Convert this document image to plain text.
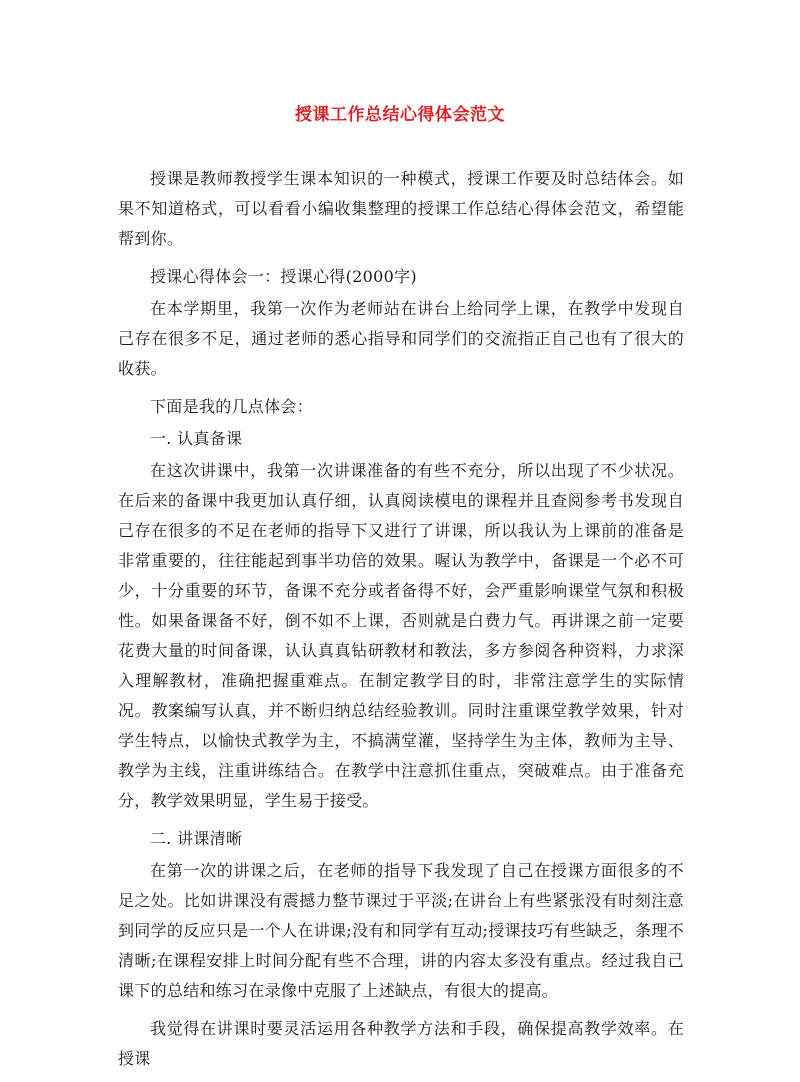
授课工作总结心得体会范文

授课是教师教授学生课本知识的一种模式，授课工作要及时总结体会。如果不知道格式，可以看看小编收集整理的授课工作总结心得体会范文，希望能帮到你。

授课心得体会一：授课心得(2000字)

在本学期里，我第一次作为老师站在讲台上给同学上课，在教学中发现自己存在很多不足，通过老师的悉心指导和同学们的交流指正自己也有了很大的收获。

下面是我的几点体会：

一. 认真备课

在这次讲课中，我第一次讲课准备的有些不充分，所以出现了不少状况。在后来的备课中我更加认真仔细，认真阅读模电的课程并且查阅参考书发现自己存在很多的不足在老师的指导下又进行了讲课，所以我认为上课前的准备是非常重要的，往往能起到事半功倍的效果。喔认为教学中，备课是一个必不可少，十分重要的环节，备课不充分或者备得不好，会严重影响课堂气氛和积极性。如果备课备不好，倒不如不上课，否则就是白费力气。再讲课之前一定要花费大量的时间备课，认认真真钻研教材和教法，多方参阅各种资料，力求深入理解教材，准确把握重难点。在制定教学目的时，非常注意学生的实际情况。教案编写认真，并不断归纳总结经验教训。同时注重课堂教学效果，针对学生特点，以愉快式教学为主，不搞满堂灌，坚持学生为主体，教师为主导、教学为主线，注重讲练结合。在教学中注意抓住重点，突破难点。由于准备充分，教学效果明显，学生易于接受。

二. 讲课清晰

在第一次的讲课之后，在老师的指导下我发现了自己在授课方面很多的不足之处。比如讲课没有震撼力整节课过于平淡;在讲台上有些紧张没有时刻注意到同学的反应只是一个人在讲课;没有和同学有互动;授课技巧有些缺乏，条理不清晰;在课程安排上时间分配有些不合理，讲的内容太多没有重点。经过我自己课下的总结和练习在录像中克服了上述缺点，有很大的提高。

我觉得在讲课时要灵活运用各种教学方法和手段，确保提高教学效率。在授课
